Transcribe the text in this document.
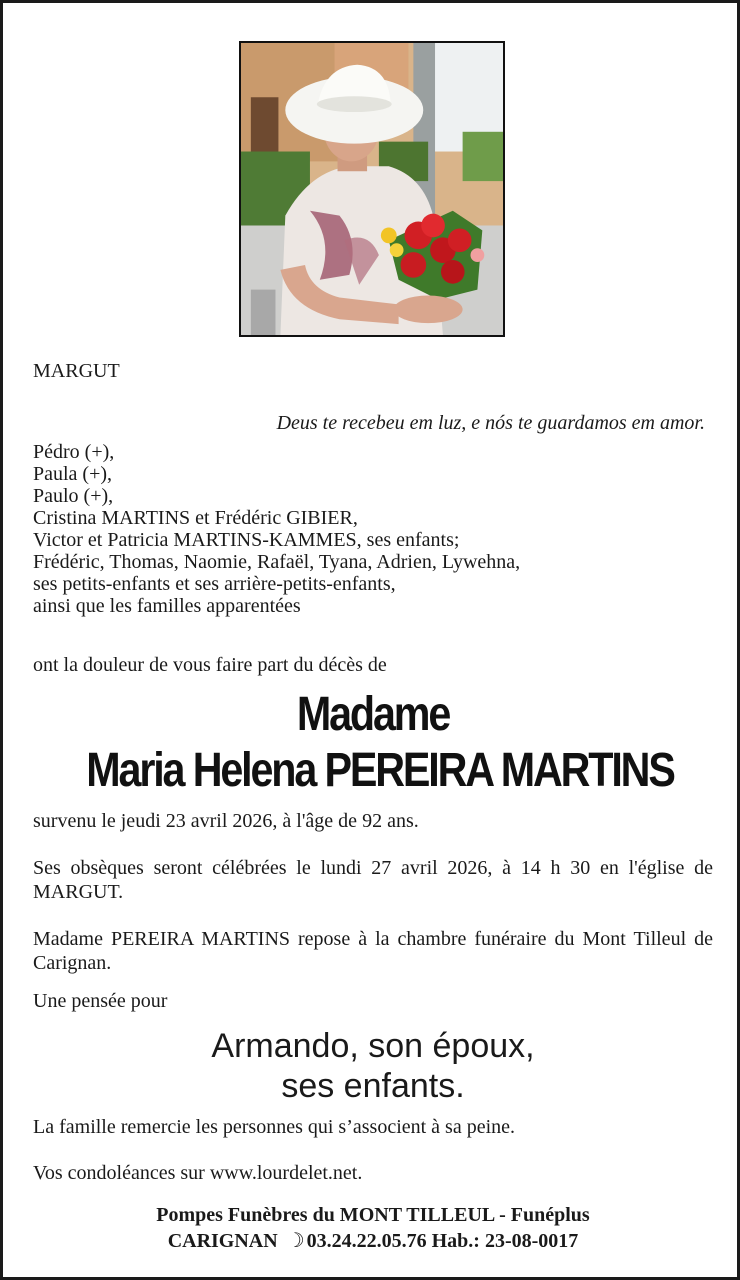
MARGUT
Deus te recebeu em luz, e nós te guardamos em amor.
Pédro (+),
Paula (+),
Paulo (+),
Cristina MARTINS et Frédéric GIBIER,
Victor et Patricia MARTINS-KAMMES, ses enfants;
Frédéric, Thomas, Naomie, Rafaël, Tyana, Adrien, Lywehna,
ses petits-enfants et ses arrière-petits-enfants,
ainsi que les familles apparentées
ont la douleur de vous faire part du décès de
Madame
Maria Helena PEREIRA MARTINS
survenu le jeudi 23 avril 2026, à l'âge de 92 ans.
Ses obsèques seront célébrées le lundi 27 avril 2026, à 14 h 30 en l'église de MARGUT.
Madame PEREIRA MARTINS repose à la chambre funéraire du Mont Tilleul de Carignan.
Une pensée pour
Armando, son époux,
ses enfants.
La famille remercie les personnes qui s’associent à sa peine.
Vos condoléances sur www.lourdelet.net.
Pompes Funèbres du MONT TILLEUL - Funéplus
CARIGNAN ☽ 03.24.22.05.76 Hab.: 23-08-0017
